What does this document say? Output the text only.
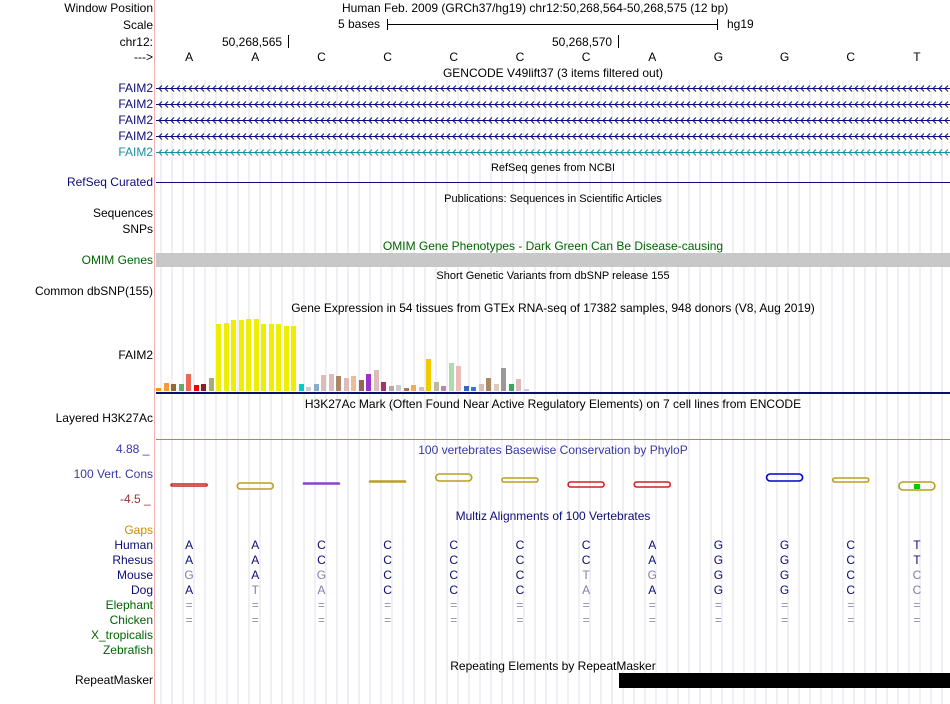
Window Position	Human Feb. 2009 (GRCh37/hg19) chr12:50,268,564-50,268,575 (12 bp)
Scale	5 bases	hg19
chr12:	50,268,565	50,268,570
--->	A	A	C	C	C	C	C	A	G	G	C	T
GENCODE V49lift37 (3 items filtered out)
FAIM2
FAIM2
FAIM2
FAIM2
FAIM2
RefSeq genes from NCBI
RefSeq Curated
Publications: Sequences in Scientific Articles
Sequences
SNPs
OMIM Gene Phenotypes - Dark Green Can Be Disease-causing
OMIM Genes
Short Genetic Variants from dbSNP release 155
Common dbSNP(155)
Gene Expression in 54 tissues from GTEx RNA-seq of 17382 samples, 948 donors (V8, Aug 2019)
FAIM2
H3K27Ac Mark (Often Found Near Active Regulatory Elements) on 7 cell lines from ENCODE
Layered H3K27Ac
100 vertebrates Basewise Conservation by PhyloP
4.88 _
100 Vert. Cons
-4.5 _
Gaps
Multiz Alignments of 100 Vertebrates
Human	A	A	C	C	C	C	C	A	G	G	C	T
Rhesus	A	A	C	C	C	C	C	A	G	G	C	T
Mouse	G	A	G	C	C	C	T	G	G	G	C	C
Dog	A	T	A	C	C	C	A	A	G	G	C	C
Elephant	=	=	=	=	=	=	=	=	=	=	=	=
Chicken	=	=	=	=	=	=	=	=	=	=	=	=
X_tropicalis
Zebrafish
Repeating Elements by RepeatMasker
RepeatMasker
